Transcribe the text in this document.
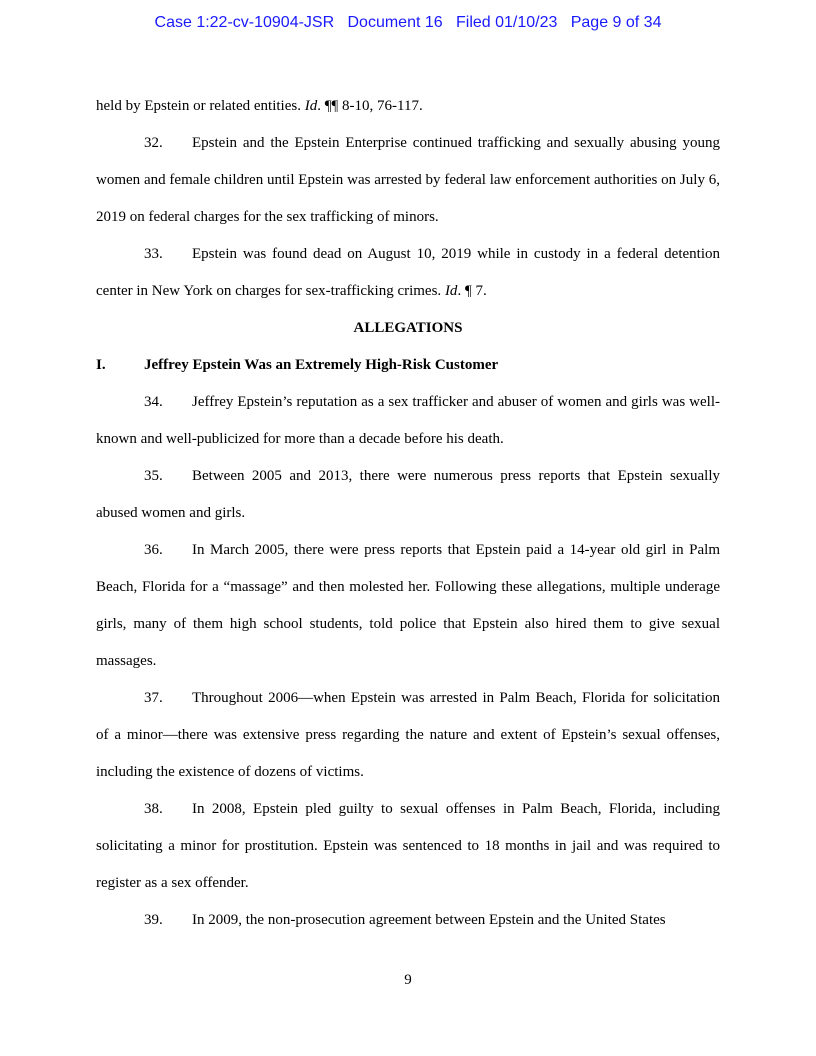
Case 1:22-cv-10904-JSR   Document 16   Filed 01/10/23   Page 9 of 34

held by Epstein or related entities. Id. ¶¶ 8-10, 76-117.

32. Epstein and the Epstein Enterprise continued trafficking and sexually abusing young women and female children until Epstein was arrested by federal law enforcement authorities on July 6, 2019 on federal charges for the sex trafficking of minors.

33. Epstein was found dead on August 10, 2019 while in custody in a federal detention center in New York on charges for sex-trafficking crimes. Id. ¶ 7.

ALLEGATIONS

I.	Jeffrey Epstein Was an Extremely High-Risk Customer

34. Jeffrey Epstein’s reputation as a sex trafficker and abuser of women and girls was well-known and well-publicized for more than a decade before his death.

35. Between 2005 and 2013, there were numerous press reports that Epstein sexually abused women and girls.

36. In March 2005, there were press reports that Epstein paid a 14-year old girl in Palm Beach, Florida for a “massage” and then molested her. Following these allegations, multiple underage girls, many of them high school students, told police that Epstein also hired them to give sexual massages.

37. Throughout 2006—when Epstein was arrested in Palm Beach, Florida for solicitation of a minor—there was extensive press regarding the nature and extent of Epstein’s sexual offenses, including the existence of dozens of victims.

38. In 2008, Epstein pled guilty to sexual offenses in Palm Beach, Florida, including solicitating a minor for prostitution. Epstein was sentenced to 18 months in jail and was required to register as a sex offender.

39. In 2009, the non-prosecution agreement between Epstein and the United States

9
